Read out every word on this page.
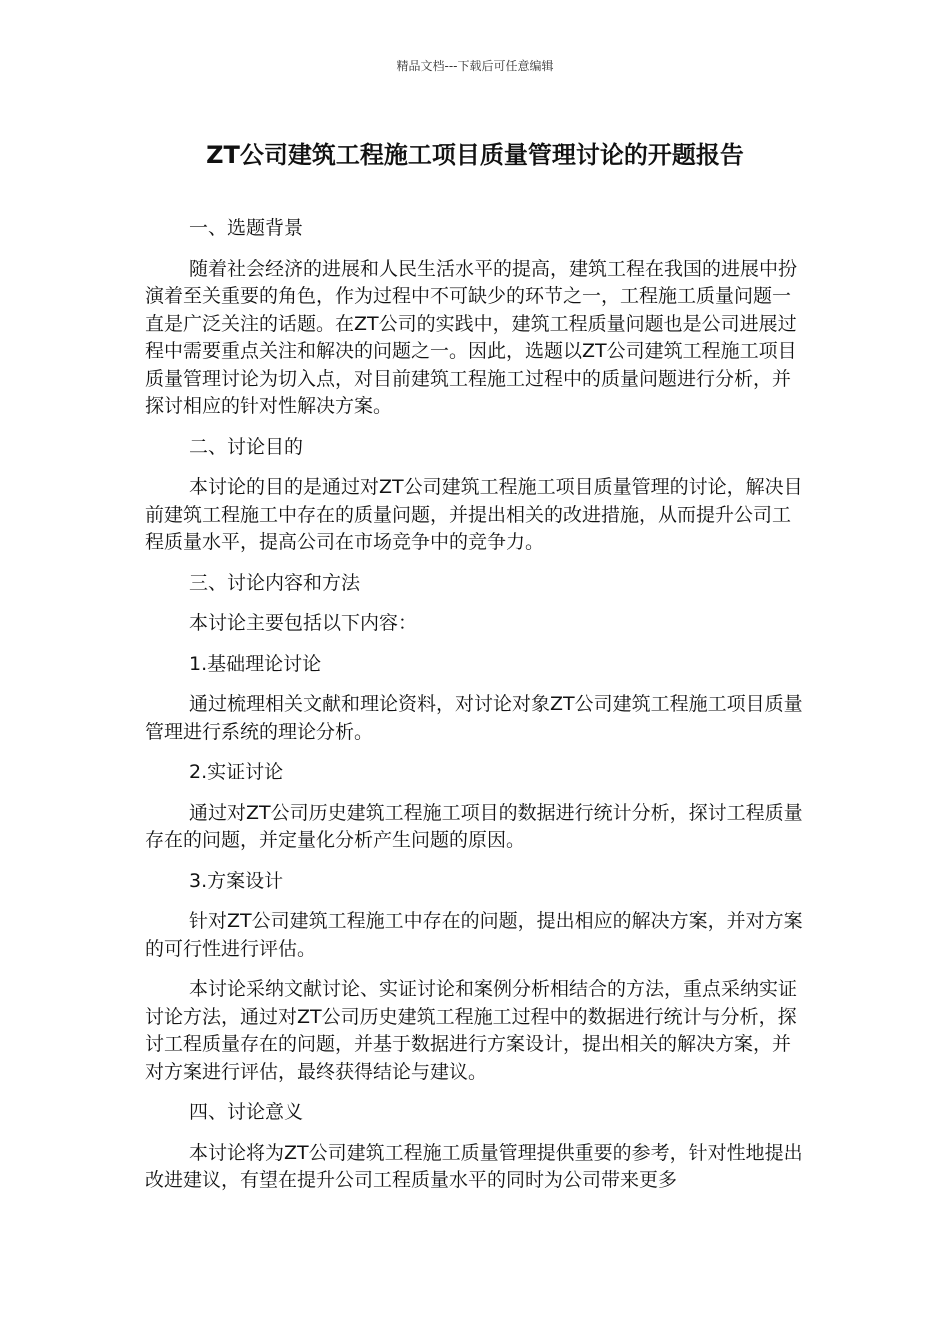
精品文档---下载后可任意编辑
ZT公司建筑工程施工项目质量管理讨论的开题报告
一、选题背景
随着社会经济的进展和人民生活水平的提高，建筑工程在我国的进展中扮演着至关重要的角色，作为过程中不可缺少的环节之一，工程施工质量问题一直是广泛关注的话题。在ZT公司的实践中，建筑工程质量问题也是公司进展过程中需要重点关注和解决的问题之一。因此，选题以ZT公司建筑工程施工项目质量管理讨论为切入点，对目前建筑工程施工过程中的质量问题进行分析，并探讨相应的针对性解决方案。
二、讨论目的
本讨论的目的是通过对ZT公司建筑工程施工项目质量管理的讨论，解决目前建筑工程施工中存在的质量问题，并提出相关的改进措施，从而提升公司工程质量水平，提高公司在市场竞争中的竞争力。
三、讨论内容和方法
本讨论主要包括以下内容：
1.基础理论讨论
通过梳理相关文献和理论资料，对讨论对象ZT公司建筑工程施工项目质量管理进行系统的理论分析。
2.实证讨论
通过对ZT公司历史建筑工程施工项目的数据进行统计分析，探讨工程质量存在的问题，并定量化分析产生问题的原因。
3.方案设计
针对ZT公司建筑工程施工中存在的问题，提出相应的解决方案，并对方案的可行性进行评估。
本讨论采纳文献讨论、实证讨论和案例分析相结合的方法，重点采纳实证讨论方法，通过对ZT公司历史建筑工程施工过程中的数据进行统计与分析，探讨工程质量存在的问题，并基于数据进行方案设计，提出相关的解决方案，并对方案进行评估，最终获得结论与建议。
四、讨论意义
本讨论将为ZT公司建筑工程施工质量管理提供重要的参考，针对性地提出改进建议，有望在提升公司工程质量水平的同时为公司带来更多
